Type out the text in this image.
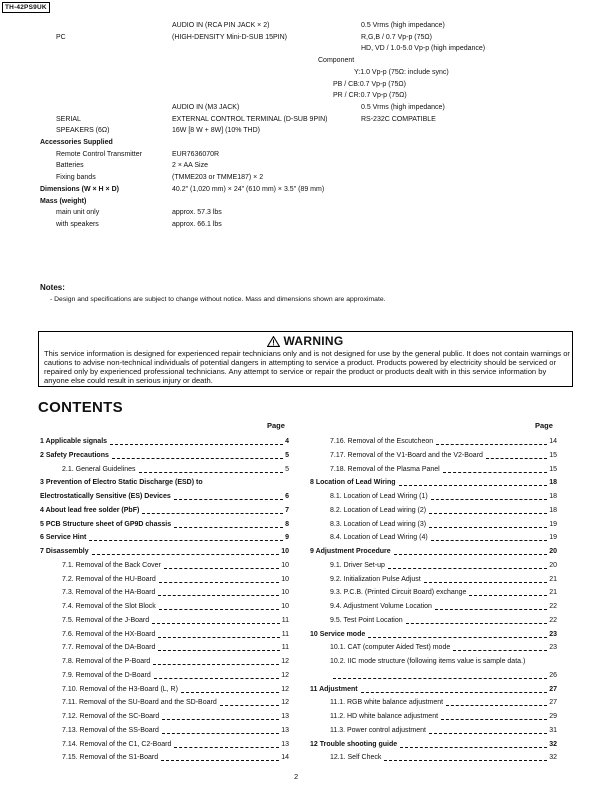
TH-42PS9UK
AUDIO IN (RCA PIN JACK × 2)	0.5 Vrms (high impedance)
PC	(HIGH-DENSITY Mini-D-SUB 15PIN)	R,G,B / 0.7 Vp-p (75Ω)
HD, VD / 1.0-5.0 Vp-p (high impedance)
Component
Y:1.0 Vp-p (75Ω: include sync)
PB / CB:0.7 Vp-p (75Ω)
PR / CR:0.7 Vp-p (75Ω)
AUDIO IN (M3 JACK)	0.5 Vrms (high impedance)
SERIAL	EXTERNAL CONTROL TERMINAL (D-SUB 9PIN)	RS-232C COMPATIBLE
SPEAKERS (6Ω)	16W [8 W + 8W] (10% THD)
Accessories Supplied
Remote Control Transmitter	EUR7636070R
Batteries	2 × AA Size
Fixing bands	(TMME203 or TMME187) × 2
Dimensions (W × H × D)	40.2" (1,020 mm) × 24" (610 mm) × 3.5" (89 mm)
Mass (weight)
main unit only	approx. 57.3 lbs
with speakers	approx. 66.1 lbs
Notes:
- Design and specifications are subject to change without notice. Mass and dimensions shown are approximate.
WARNING
This service information is designed for experienced repair technicians only and is not designed for use by the general public. It does not contain warnings or cautions to advise non-technical individuals of potential dangers in attempting to service a product. Products powered by electricity should be serviced or repaired only by experienced professional technicians. Any attempt to service or repair the product or products dealt with in this service information by anyone else could result in serious injury or death.
CONTENTS
Page	Page
1 Applicable signals	4
2 Safety Precautions	5
2.1. General Guidelines	5
3 Prevention of Electro Static Discharge (ESD) to
Electrostatically Sensitive (ES) Devices	6
4 About lead free solder (PbF)	7
5 PCB Structure sheet of GP9D chassis	8
6 Service Hint	9
7 Disassembly	10
7.1. Removal of the Back Cover	10
7.2. Removal of the HU-Board	10
7.3. Removal of the HA-Board	10
7.4. Removal of the Slot Block	10
7.5. Removal of the J-Board	11
7.6. Removal of the HX-Board	11
7.7. Removal of the DA-Board	11
7.8. Removal of the P-Board	12
7.9. Removal of the D-Board	12
7.10. Removal of the H3-Board (L, R)	12
7.11. Removal of the SU-Board and the SD-Board	12
7.12. Removal of the SC-Board	13
7.13. Removal of the SS-Board	13
7.14. Removal of the C1, C2-Board	13
7.15. Removal of the S1-Board	14
7.16. Removal of the Escutcheon	14
7.17. Removal of the V1-Board and the V2-Board	15
7.18. Removal of the Plasma Panel	15
8 Location of Lead Wiring	18
8.1. Location of Lead Wiring (1)	18
8.2. Location of Lead wiring (2)	18
8.3. Location of Lead wiring (3)	19
8.4. Location of Lead Wiring (4)	19
9 Adjustment Procedure	20
9.1. Driver Set-up	20
9.2. Initialization Pulse Adjust	21
9.3. P.C.B. (Printed Circuit Board) exchange	21
9.4. Adjustment Volume Location	22
9.5. Test Point Location	22
10 Service mode	23
10.1. CAT (computer Aided Test) mode	23
10.2. IIC mode structure (following items value is sample data.)
26
11 Adjustment	27
11.1. RGB white balance adjustment	27
11.2. HD white balance adjustment	29
11.3. Power control adjustment	31
12 Trouble shooting guide	32
12.1. Self Check	32
2
